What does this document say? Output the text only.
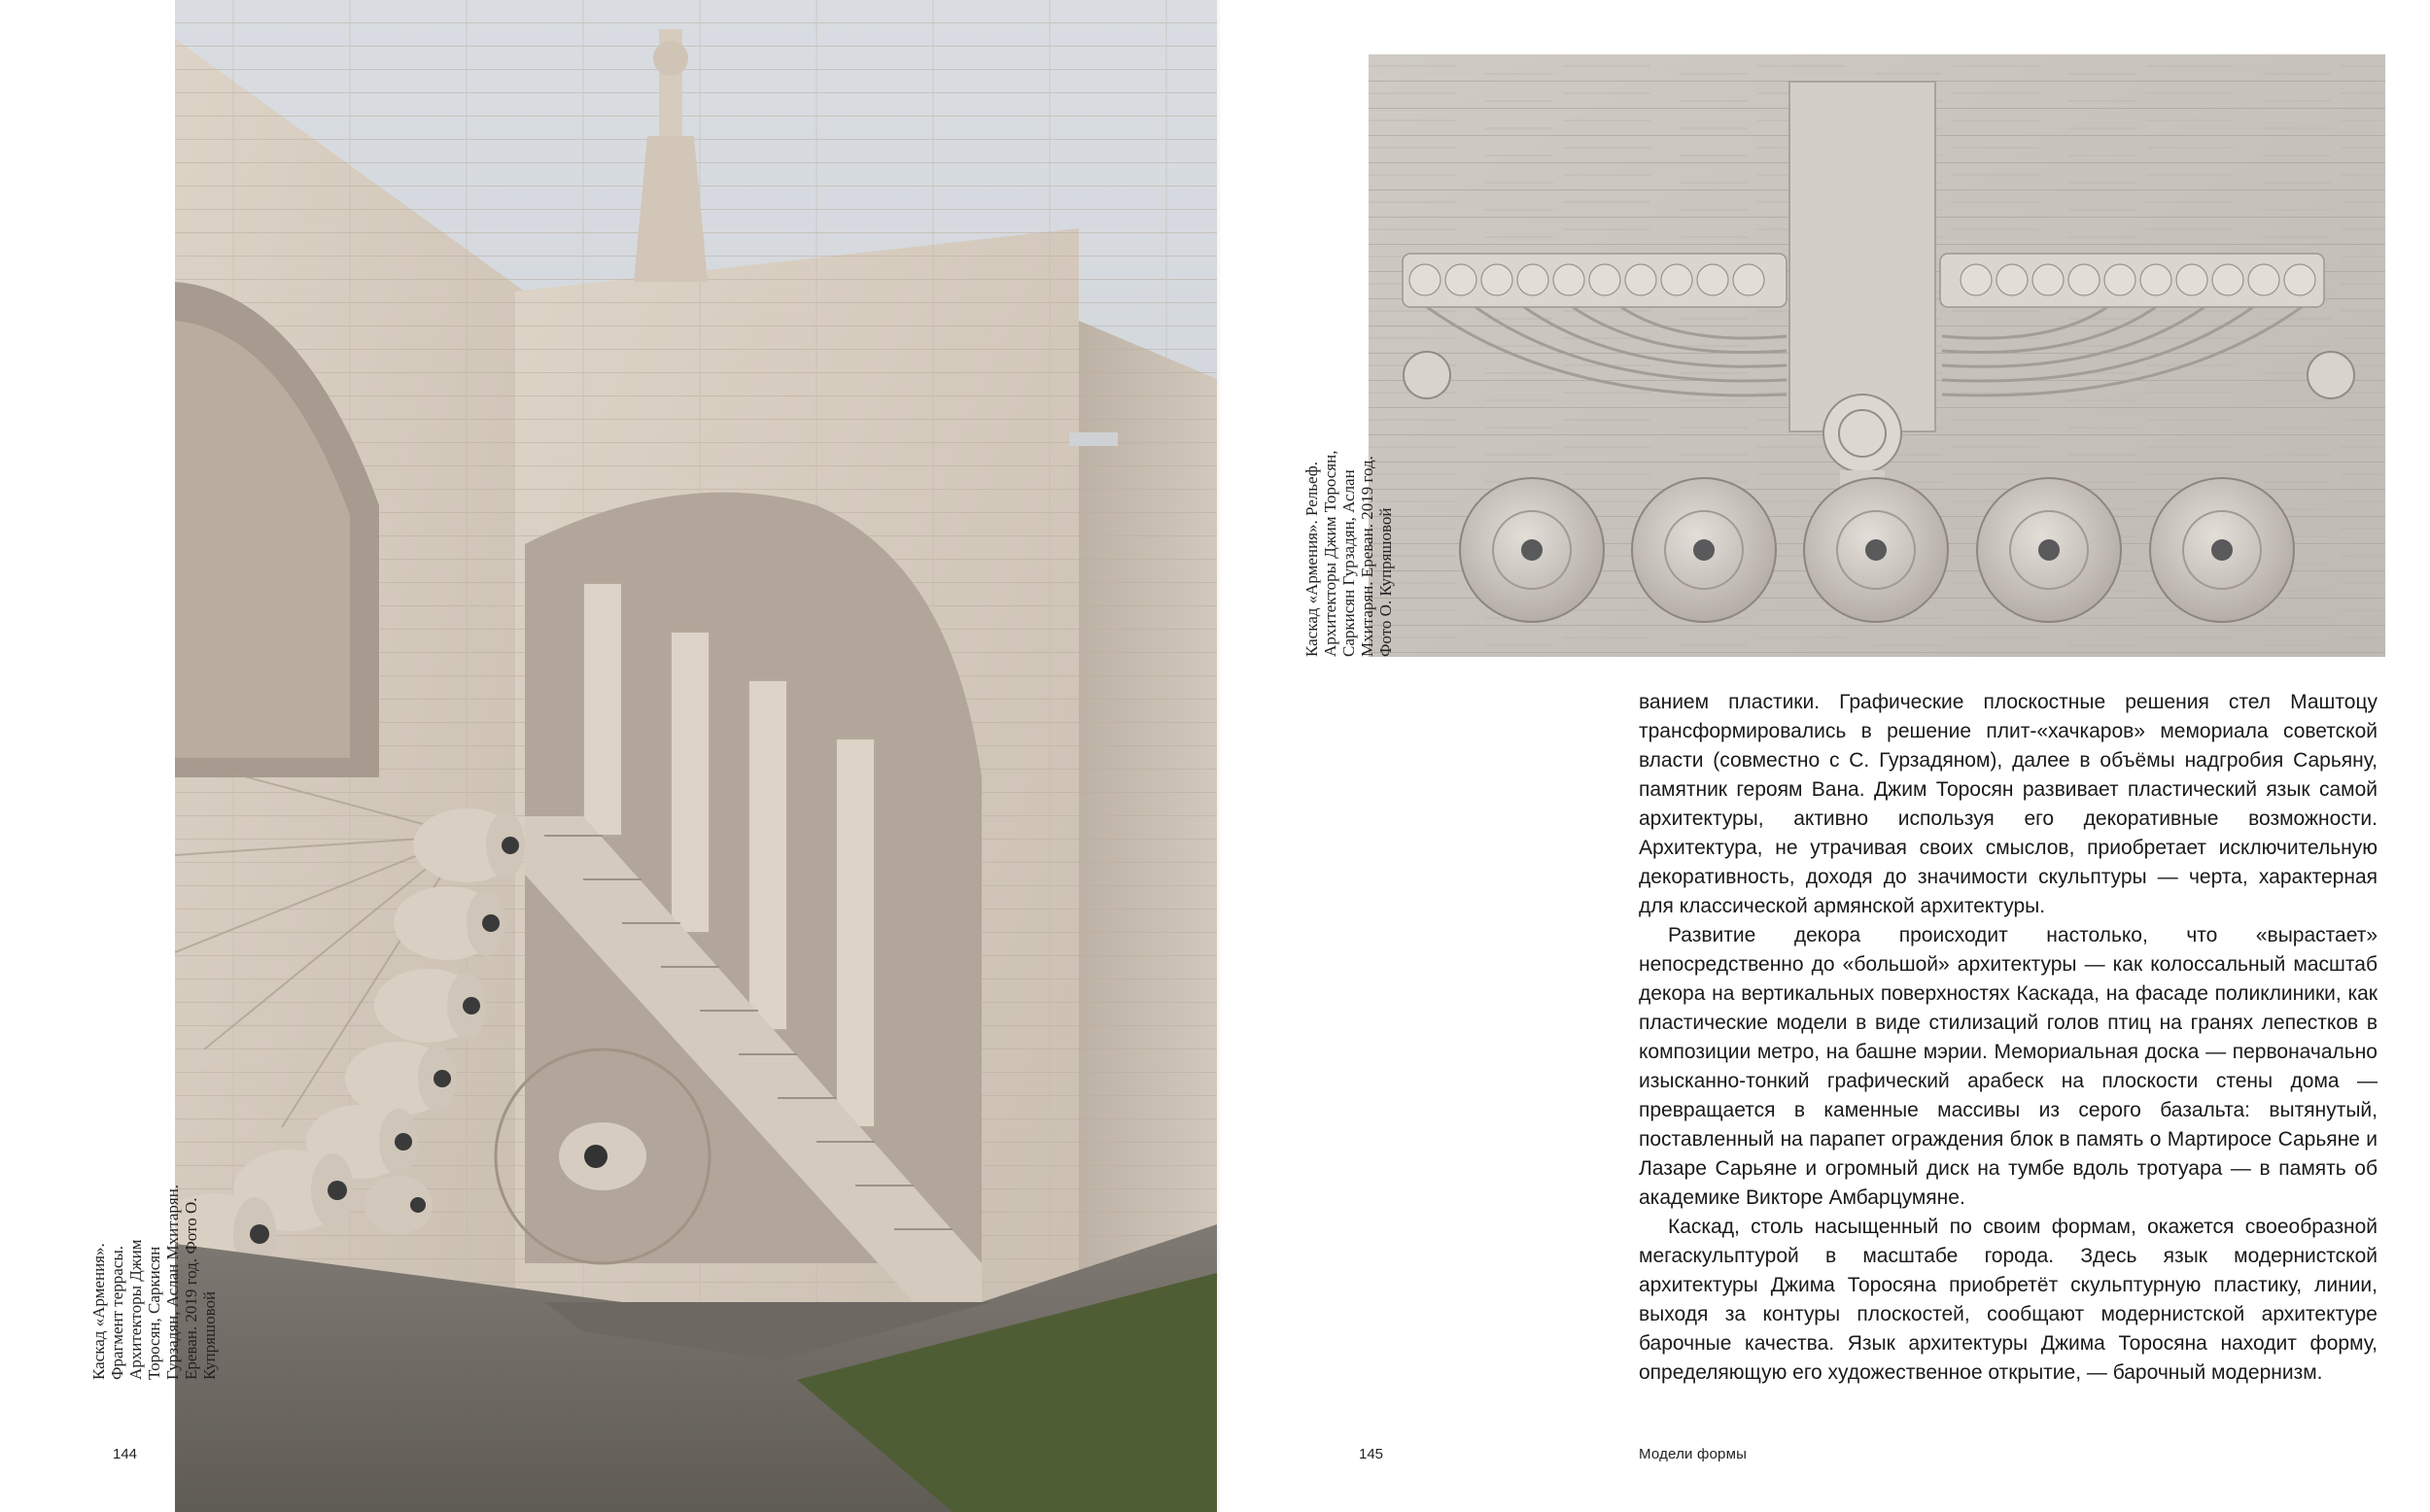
Каскад «Армения». Фрагмент террасы. Архитекторы Джим Торосян, Саркисян Гурзадян, Аслан Мхитарян. Ереван. 2019 год. Фото О. Купряшовой
144
Каскад «Армения». Рельеф. Архитекторы Джим Торосян, Саркисян Гурзадян, Аслан Мхитарян. Ереван. 2019 год. Фото О. Купряшовой

ванием пластики. Графические плоскостные решения стел Маштоцу трансформировались в решение плит-«хачкаров» мемориала советской власти (совместно с С. Гурзадяном), далее в объёмы надгробия Сарьяну, памятник героям Вана. Джим Торосян развивает пластический язык самой архитектуры, активно используя его декоративные возможности. Архитектура, не утрачивая своих смыслов, приобретает исключительную декоративность, доходя до значимости скульптуры — черта, характерная для классической армянской архитектуры.

Развитие декора происходит настолько, что «вырастает» непосредственно до «большой» архитектуры — как колоссальный масштаб декора на вертикальных поверхностях Каскада, на фасаде поликлиники, как пластические модели в виде стилизаций голов птиц на гранях лепестков в композиции метро, на башне мэрии. Мемориальная доска — первоначально изысканно-тонкий графический арабеск на плоскости стены дома — превращается в каменные массивы из серого базальта: вытянутый, поставленный на парапет ограждения блок в память о Мартиросе Сарьяне и Лазаре Сарьяне и огромный диск на тумбе вдоль тротуара — в память об академике Викторе Амбарцумяне.

Каскад, столь насыщенный по своим формам, окажется своеобразной мегаскульптурой в масштабе города. Здесь язык модернистской архитектуры Джима Торосяна приобретёт скульптурную пластику, линии, выходя за контуры плоскостей, сообщают модернистской архитектуре барочные качества. Язык архитектуры Джима Торосяна находит форму, определяющую его художественное открытие, — барочный модернизм.

145	Модели формы
